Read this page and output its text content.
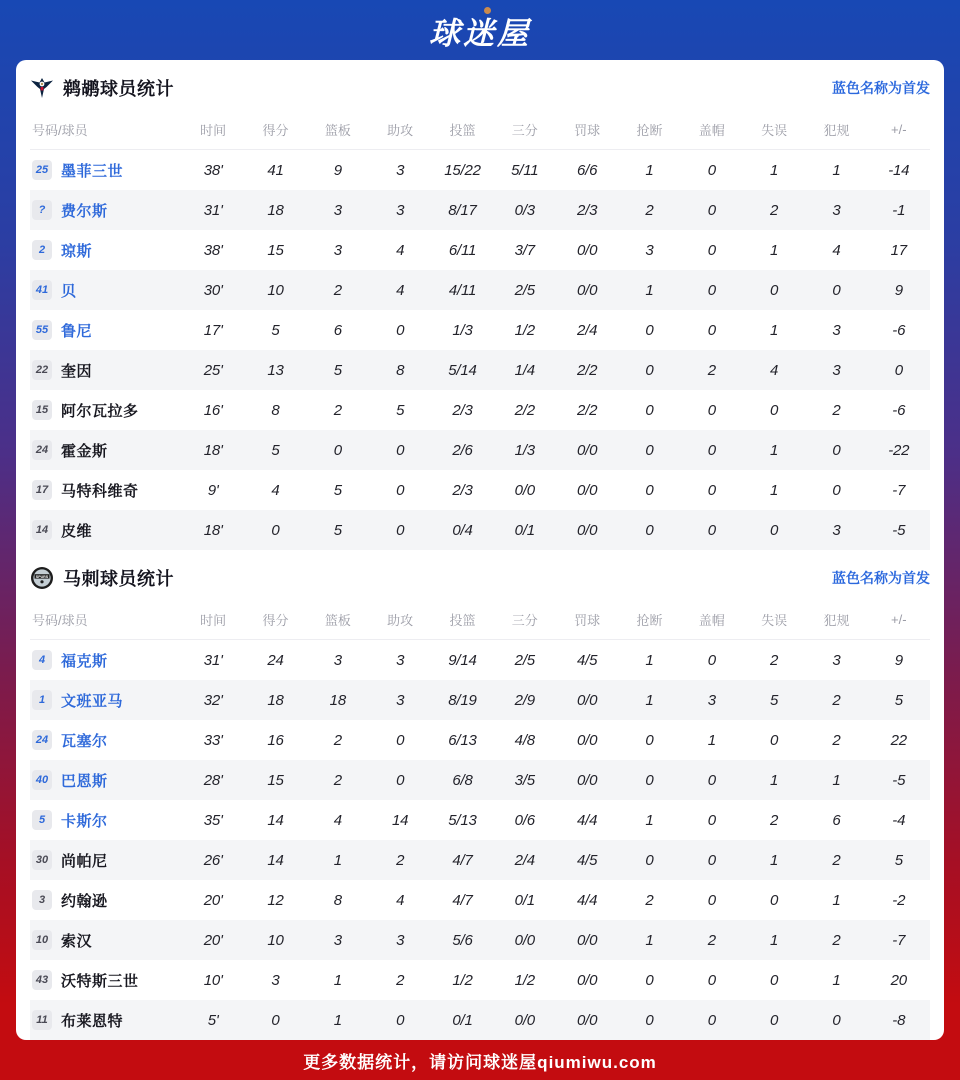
球迷屋
鹈鹕球员统计	蓝色名称为首发
号码/球员	时间	得分	篮板	助攻	投篮	三分	罚球	抢断	盖帽	失误	犯规	+/-
25 墨菲三世	38'	41	9	3	15/22	5/11	6/6	1	0	1	1	-14
?	费尔斯	31'	18	3	3	8/17	0/3	2/3	2	0	2	3	-1
2	琼斯	38'	15	3	4	6/11	3/7	0/0	3	0	1	4	17
41 贝	30'	10	2	4	4/11	2/5	0/0	1	0	0	0	9
55 鲁尼	17'	5	6	0	1/3	1/2	2/4	0	0	1	3	-6
22 奎因	25'	13	5	8	5/14	1/4	2/2	0	2	4	3	0
15 阿尔瓦拉多	16'	8	2	5	2/3	2/2	2/2	0	0	0	2	-6
24 霍金斯	18'	5	0	0	2/6	1/3	0/0	0	0	1	0	-22
17 马特科维奇	9'	4	5	0	2/3	0/0	0/0	0	0	1	0	-7
14 皮维	18'	0	5	0	0/4	0/1	0/0	0	0	0	3	-5
SPURS 马刺球员统计	蓝色名称为首发
号码/球员	时间	得分	篮板	助攻	投篮	三分	罚球	抢断	盖帽	失误	犯规	+/-
4	福克斯	31'	24	3	3	9/14	2/5	4/5	1	0	2	3	9
1	文班亚马	32'	18	18	3	8/19	2/9	0/0	1	3	5	2	5
24 瓦塞尔	33'	16	2	0	6/13	4/8	0/0	0	1	0	2	22
40 巴恩斯	28'	15	2	0	6/8	3/5	0/0	0	0	1	1	-5
5	卡斯尔	35'	14	4	14	5/13	0/6	4/4	1	0	2	6	-4
30 尚帕尼	26'	14	1	2	4/7	2/4	4/5	0	0	1	2	5
3	约翰逊	20'	12	8	4	4/7	0/1	4/4	2	0	0	1	-2
10 索汉	20'	10	3	3	5/6	0/0	0/0	1	2	1	2	-7
43 沃特斯三世	10'	3	1	2	1/2	1/2	0/0	0	0	0	1	20
11 布莱恩特	5'	0	1	0	0/1	0/0	0/0	0	0	0	0	-8
更多数据统计，请访问球迷屋qiumiwu.com
